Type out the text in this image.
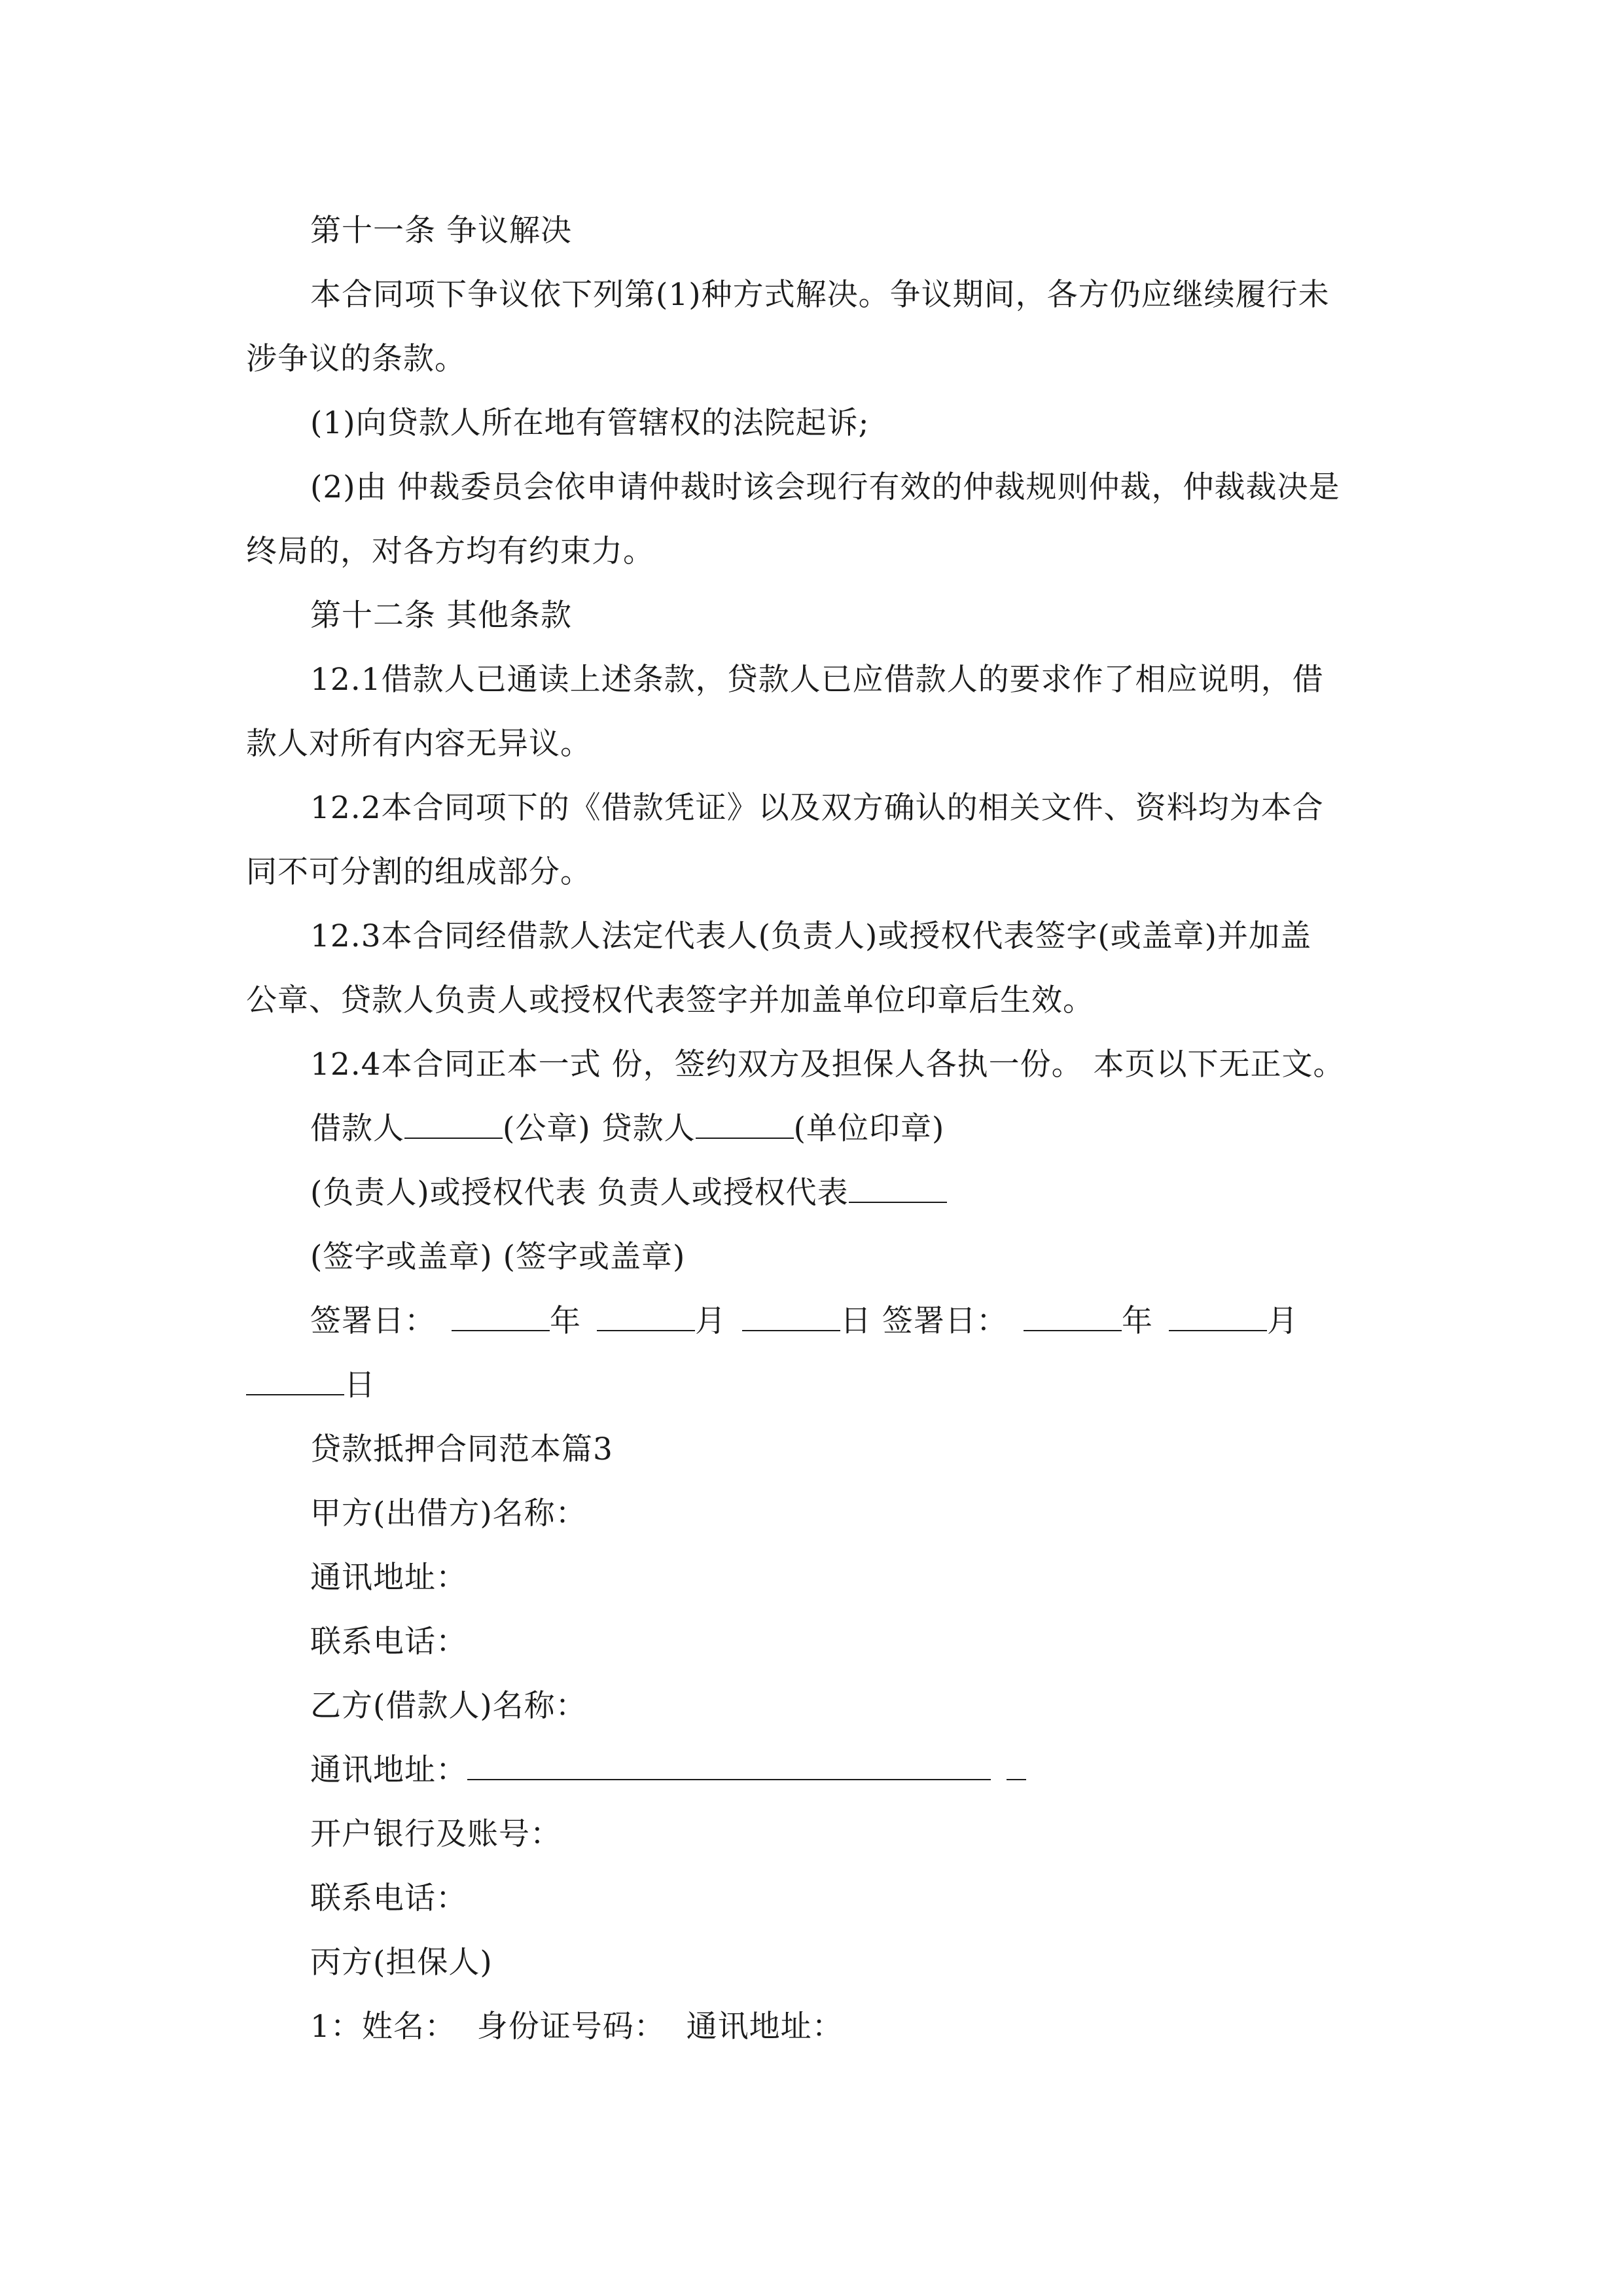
第十一条 争议解决
本合同项下争议依下列第(1)种方式解决。争议期间，各方仍应继续履行未
涉争议的条款。
(1)向贷款人所在地有管辖权的法院起诉;
(2)由 仲裁委员会依申请仲裁时该会现行有效的仲裁规则仲裁，仲裁裁决是
终局的，对各方均有约束力。
第十二条 其他条款
12.1借款人已通读上述条款，贷款人已应借款人的要求作了相应说明，借
款人对所有内容无异议。
12.2本合同项下的《借款凭证》以及双方确认的相关文件、资料均为本合
同不可分割的组成部分。
12.3本合同经借款人法定代表人(负责人)或授权代表签字(或盖章)并加盖
公章、贷款人负责人或授权代表签字并加盖单位印章后生效。
12.4本合同正本一式 份，签约双方及担保人各执一份。 本页以下无正文。
借款人	(公章) 贷款人	(单位印章)
(负责人)或授权代表 负责人或授权代表
(签字或盖章) (签字或盖章)
签署日：	年	月	日 签署日：	年	月
日
贷款抵押合同范本篇3
甲方(出借方)名称：
通讯地址：
联系电话：
乙方(借款人)名称：
通讯地址：
开户银行及账号：
联系电话：
丙方(担保人)
1：姓名：  身份证号码：  通讯地址：
